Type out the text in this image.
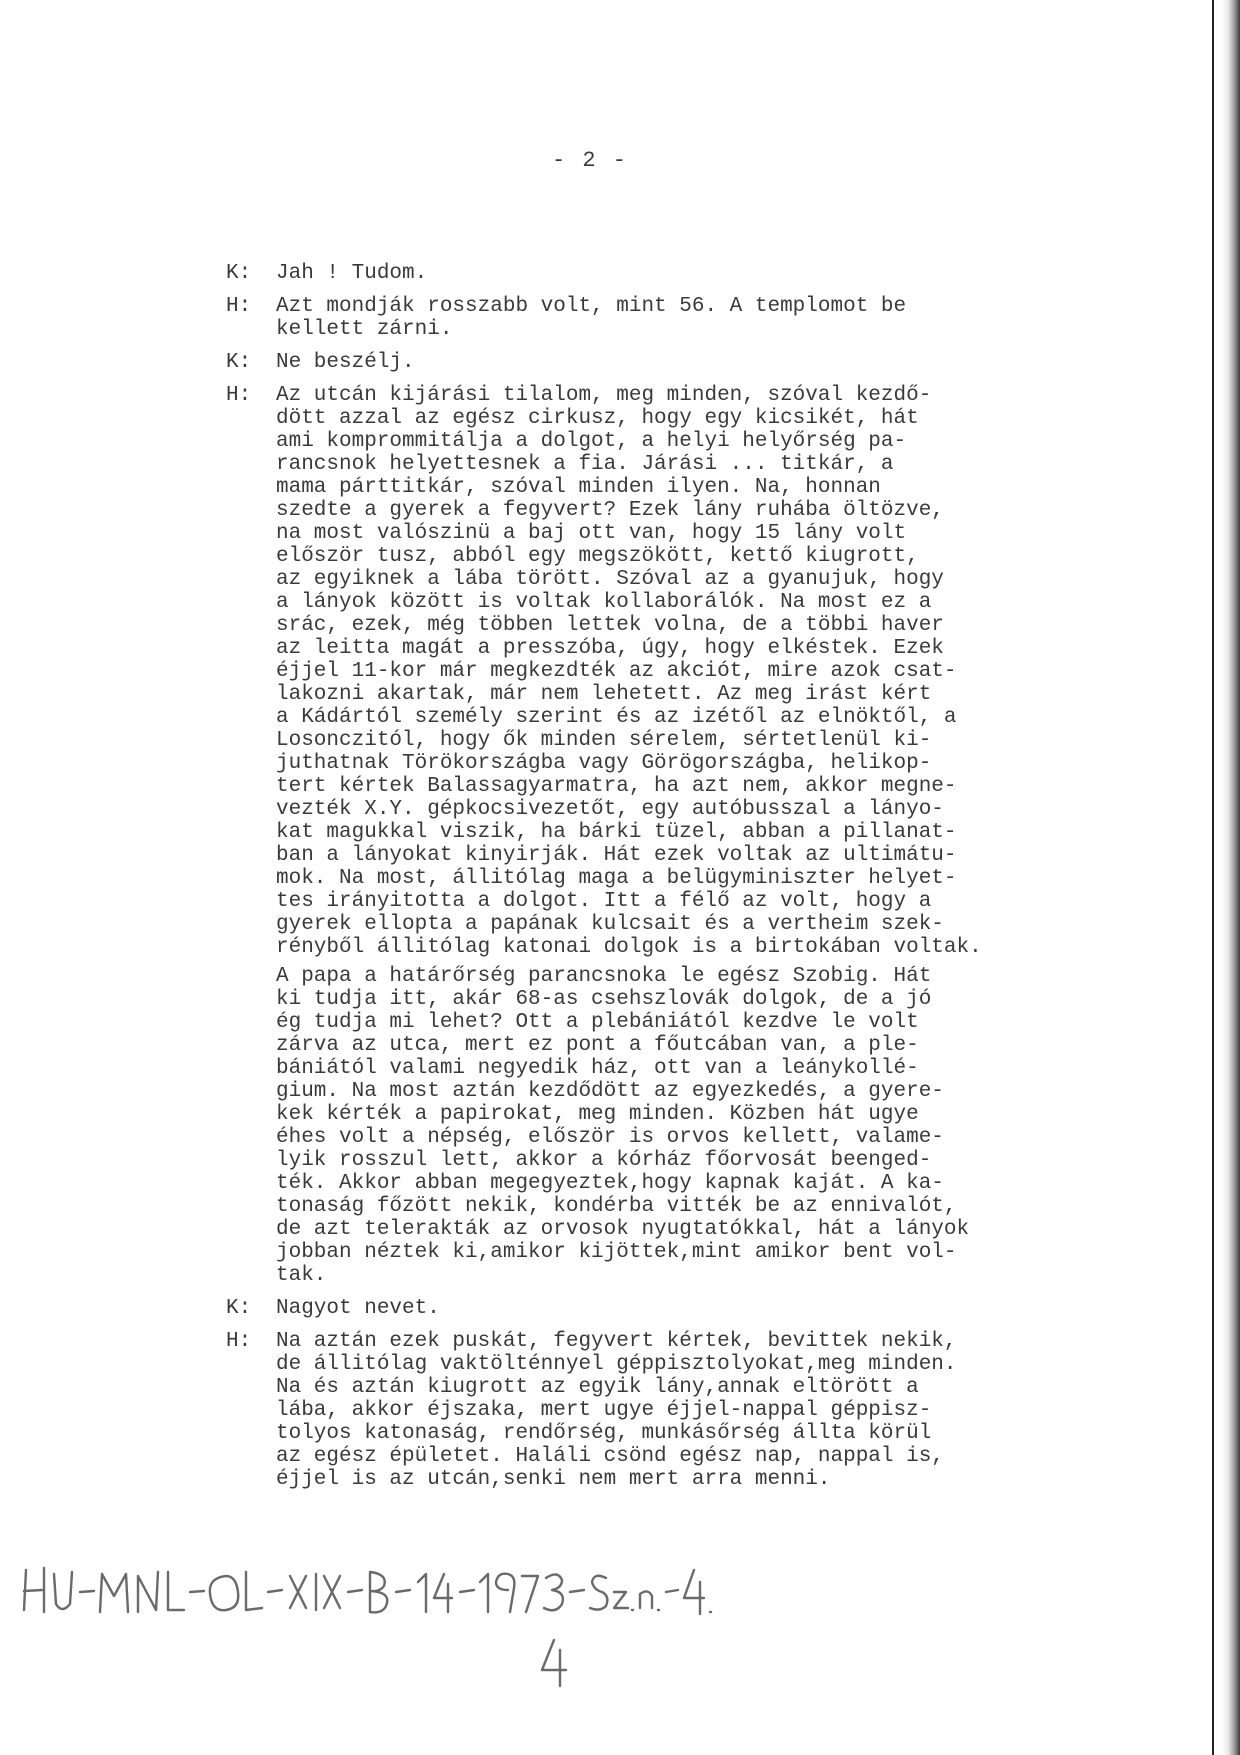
- 2 -
K: Jah ! Tudom.
H: Azt mondják rosszabb volt, mint 56. A templomot be
kellett zárni.
K: Ne beszélj.
H: Az utcán kijárási tilalom, meg minden, szóval kezdő-
dött azzal az egész cirkusz, hogy egy kicsikét, hát
ami komprommitálja a dolgot, a helyi helyőrség pa-
rancsnok helyettesnek a fia. Járási ... titkár, a
mama párttitkár, szóval minden ilyen. Na, honnan
szedte a gyerek a fegyvert? Ezek lány ruhába öltözve,
na most valószinü a baj ott van, hogy 15 lány volt
először tusz, abból egy megszökött, kettő kiugrott,
az egyiknek a lába törött. Szóval az a gyanujuk, hogy
a lányok között is voltak kollaborálók. Na most ez a
srác, ezek, még többen lettek volna, de a többi haver
az leitta magát a presszóba, úgy, hogy elkéstek. Ezek
éjjel 11-kor már megkezdték az akciót, mire azok csat-
lakozni akartak, már nem lehetett. Az meg irást kért
a Kádártól személy szerint és az izétől az elnöktől, a
Losonczitól, hogy ők minden sérelem, sértetlenül ki-
juthatnak Törökországba vagy Görögországba, helikop-
tert kértek Balassagyarmatra, ha azt nem, akkor megne-
vezték X.Y. gépkocsivezetőt, egy autóbusszal a lányo-
kat magukkal viszik, ha bárki tüzel, abban a pillanat-
ban a lányokat kinyirják. Hát ezek voltak az ultimátu-
mok. Na most, állitólag maga a belügyminiszter helyet-
tes irányitotta a dolgot. Itt a félő az volt, hogy a
gyerek ellopta a papának kulcsait és a vertheim szek-
rényből állitólag katonai dolgok is a birtokában voltak.
A papa a határőrség parancsnoka le egész Szobig. Hát
ki tudja itt, akár 68-as csehszlovák dolgok, de a jó
ég tudja mi lehet? Ott a plebániától kezdve le volt
zárva az utca, mert ez pont a főutcában van, a ple-
bániától valami negyedik ház, ott van a leánykollé-
gium. Na most aztán kezdődött az egyezkedés, a gyere-
kek kérték a papirokat, meg minden. Közben hát ugye
éhes volt a népség, először is orvos kellett, valame-
lyik rosszul lett, akkor a kórház főorvosát beenged-
ték. Akkor abban megegyeztek,hogy kapnak kaját. A ka-
tonaság főzött nekik, kondérba vitték be az ennivalót,
de azt telerakták az orvosok nyugtatókkal, hát a lányok
jobban néztek ki,amikor kijöttek,mint amikor bent vol-
tak.
K: Nagyot nevet.
H: Na aztán ezek puskát, fegyvert kértek, bevittek nekik,
de állitólag vaktölténnyel géppisztolyokat,meg minden.
Na és aztán kiugrott az egyik lány,annak eltörött a
lába, akkor éjszaka, mert ugye éjjel-nappal géppisz-
tolyos katonaság, rendőrség, munkásőrség állta körül
az egész épületet. Haláli csönd egész nap, nappal is,
éjjel is az utcán,senki nem mert arra menni.
